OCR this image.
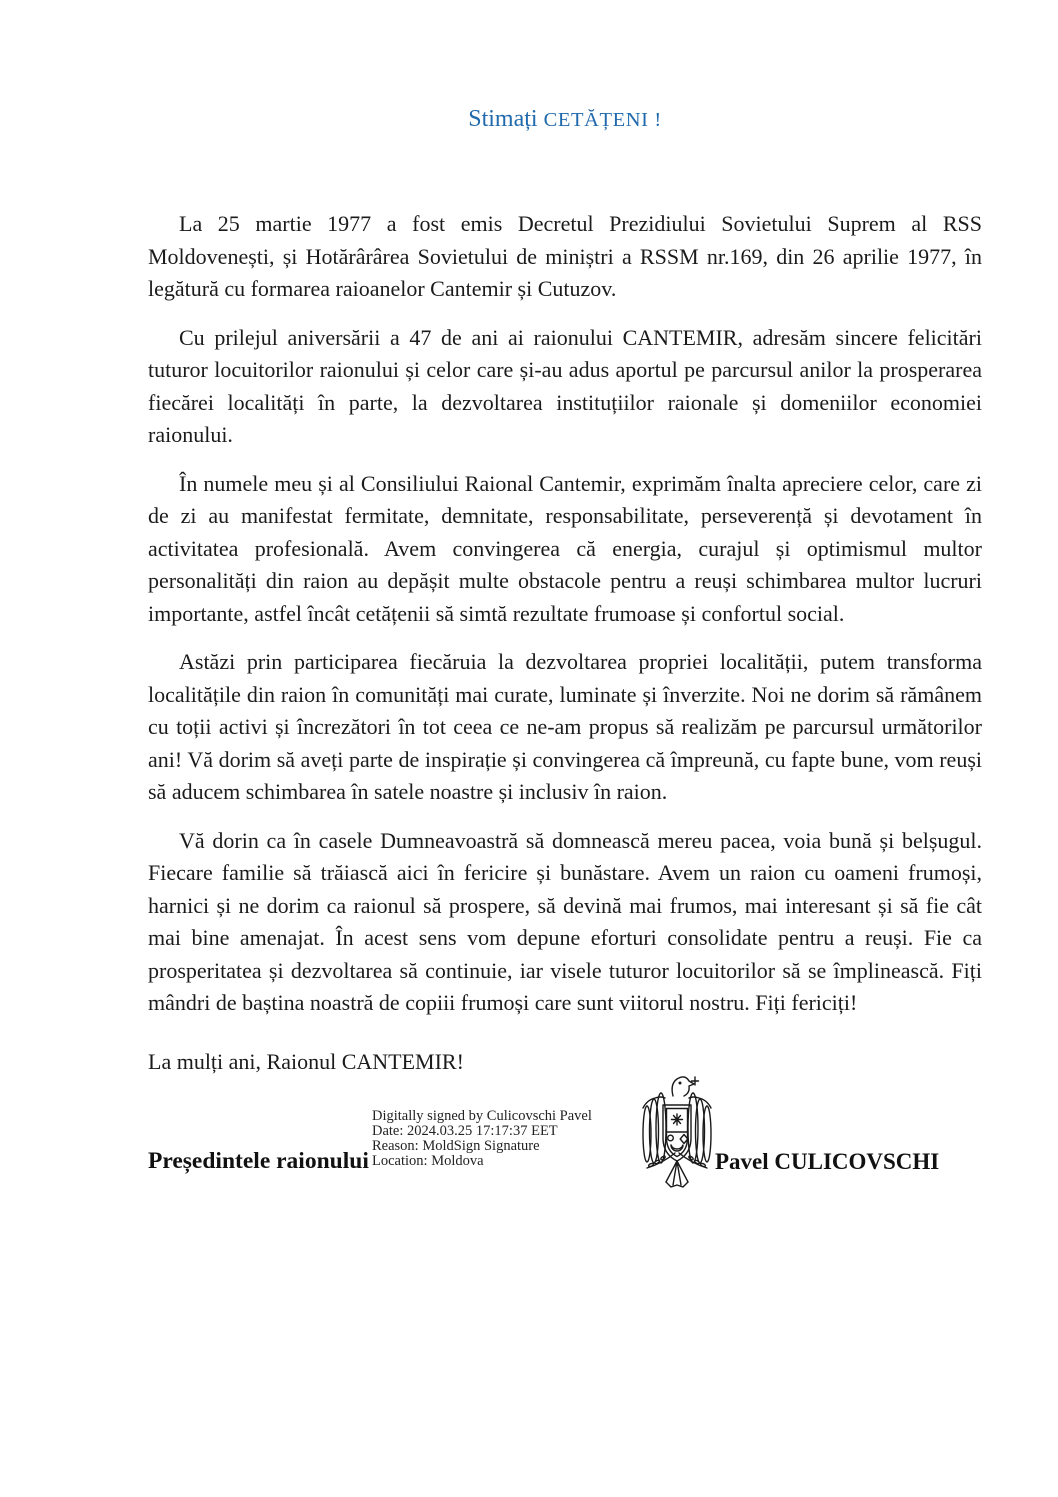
Stimați CETĂȚENI !

La 25 martie 1977 a fost emis Decretul Prezidiului Sovietului Suprem al RSS Moldovenești, și Hotărârârea Sovietului de miniștri a RSSM nr.169, din 26 aprilie 1977, în legătură cu formarea raioanelor Cantemir și Cutuzov.

Cu prilejul aniversării a 47 de ani ai raionului CANTEMIR, adresăm sincere felicitări tuturor locuitorilor raionului și celor care și-au adus aportul pe parcursul anilor la prosperarea fiecărei localități în parte, la dezvoltarea instituțiilor raionale și domeniilor economiei raionului.

În numele meu și al Consiliului Raional Cantemir, exprimăm înalta apreciere celor, care zi de zi au manifestat fermitate, demnitate, responsabilitate, perseverență și devotament în activitatea profesională. Avem convingerea că energia, curajul și optimismul multor personalități din raion au depășit multe obstacole pentru a reuși schimbarea multor lucruri importante, astfel încât cetățenii să simtă rezultate frumoase și confortul social.

Astăzi prin participarea fiecăruia la dezvoltarea propriei localității, putem transforma localitățile din raion în comunități mai curate, luminate și înverzite. Noi ne dorim să rămânem cu toții activi și încrezători în tot ceea ce ne-am propus să realizăm pe parcursul următorilor ani! Vă dorim să aveți parte de inspirație și convingerea că împreună, cu fapte bune, vom reuși să aducem schimbarea în satele noastre și inclusiv în raion.

Vă dorin ca în casele Dumneavoastră să domnească mereu pacea, voia bună și belșugul. Fiecare familie să trăiască aici în fericire și bunăstare. Avem un raion cu oameni frumoși, harnici și ne dorim ca raionul să prospere, să devină mai frumos, mai interesant și să fie cât mai bine amenajat. În acest sens vom depune eforturi consolidate pentru a reuși. Fie ca prosperitatea și dezvoltarea să continuie, iar visele tuturor locuitorilor să se împlinească. Fiți mândri de baștina noastră de copiii frumoși care sunt viitorul nostru. Fiți fericiți!

La mulți ani, Raionul CANTEMIR!

Digitally signed by Culicovschi Pavel
Date: 2024.03.25 17:17:37 EET
Reason: MoldSign Signature
Location: Moldova
Președintele raionului	Pavel CULICOVSCHI
